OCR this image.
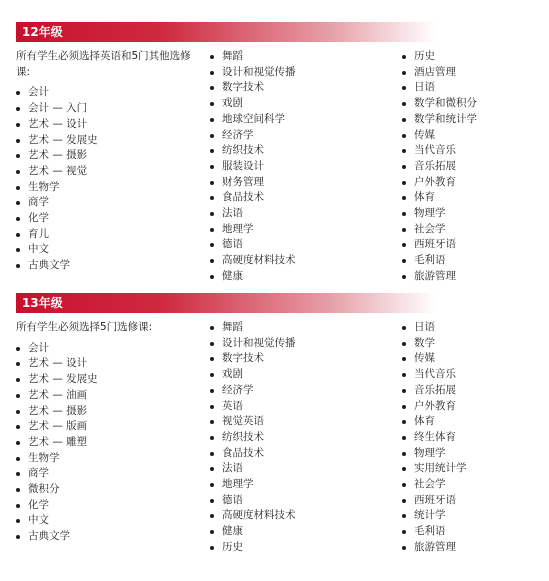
12年级

所有学生必须选择英语和5门其他选修课:

会计
会计 — 入门
艺术 — 设计
艺术 — 发展史
艺术 — 摄影
艺术 — 视觉
生物学
商学
化学
育儿
中文
古典文学
舞蹈
设计和视觉传播
数字技术
戏剧
地球空间科学
经济学
纺织技术
服装设计
财务管理
食品技术
法语
地理学
德语
高硬度材料技术
健康
历史
酒店管理
日语
数学和微积分
数学和统计学
传媒
当代音乐
音乐拓展
户外教育
体育
物理学
社会学
西班牙语
毛利语
旅游管理
13年级

所有学生必须选择5门选修课:

会计
艺术 — 设计
艺术 — 发展史
艺术 — 油画
艺术 — 摄影
艺术 — 版画
艺术 — 雕塑
生物学
商学
微积分
化学
中文
古典文学
舞蹈
设计和视觉传播
数字技术
戏剧
经济学
英语
视觉英语
纺织技术
食品技术
法语
地理学
德语
高硬度材料技术
健康
历史
日语
数学
传媒
当代音乐
音乐拓展
户外教育
体育
终生体育
物理学
实用统计学
社会学
西班牙语
统计学
毛利语
旅游管理
